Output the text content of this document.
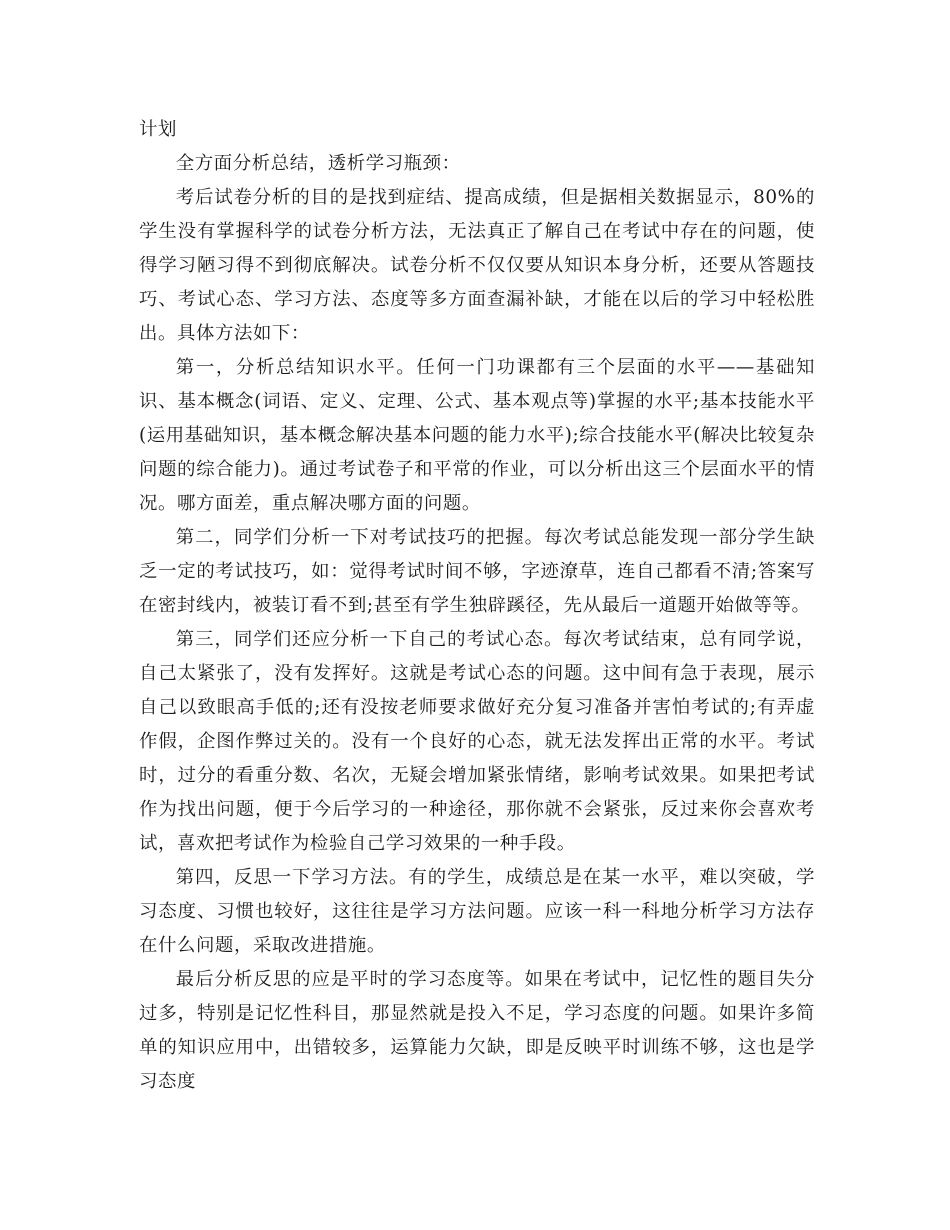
计划

全方面分析总结，透析学习瓶颈：

考后试卷分析的目的是找到症结、提高成绩，但是据相关数据显示，80%的学生没有掌握科学的试卷分析方法，无法真正了解自己在考试中存在的问题，使得学习陋习得不到彻底解决。试卷分析不仅仅要从知识本身分析，还要从答题技巧、考试心态、学习方法、态度等多方面查漏补缺，才能在以后的学习中轻松胜出。具体方法如下：

第一，分析总结知识水平。任何一门功课都有三个层面的水平——基础知识、基本概念(词语、定义、定理、公式、基本观点等)掌握的水平;基本技能水平(运用基础知识，基本概念解决基本问题的能力水平);综合技能水平(解决比较复杂问题的综合能力)。通过考试卷子和平常的作业，可以分析出这三个层面水平的情况。哪方面差，重点解决哪方面的问题。

第二，同学们分析一下对考试技巧的把握。每次考试总能发现一部分学生缺乏一定的考试技巧，如：觉得考试时间不够，字迹潦草，连自己都看不清;答案写在密封线内，被装订看不到;甚至有学生独辟蹊径，先从最后一道题开始做等等。

第三，同学们还应分析一下自己的考试心态。每次考试结束，总有同学说，自己太紧张了，没有发挥好。这就是考试心态的问题。这中间有急于表现，展示自己以致眼高手低的;还有没按老师要求做好充分复习准备并害怕考试的;有弄虚作假，企图作弊过关的。没有一个良好的心态，就无法发挥出正常的水平。考试时，过分的看重分数、名次，无疑会增加紧张情绪，影响考试效果。如果把考试作为找出问题，便于今后学习的一种途径，那你就不会紧张，反过来你会喜欢考试，喜欢把考试作为检验自己学习效果的一种手段。

第四，反思一下学习方法。有的学生，成绩总是在某一水平，难以突破，学习态度、习惯也较好，这往往是学习方法问题。应该一科一科地分析学习方法存在什么问题，采取改进措施。

最后分析反思的应是平时的学习态度等。如果在考试中，记忆性的题目失分过多，特别是记忆性科目，那显然就是投入不足，学习态度的问题。如果许多简单的知识应用中，出错较多，运算能力欠缺，即是反映平时训练不够，这也是学习态度
